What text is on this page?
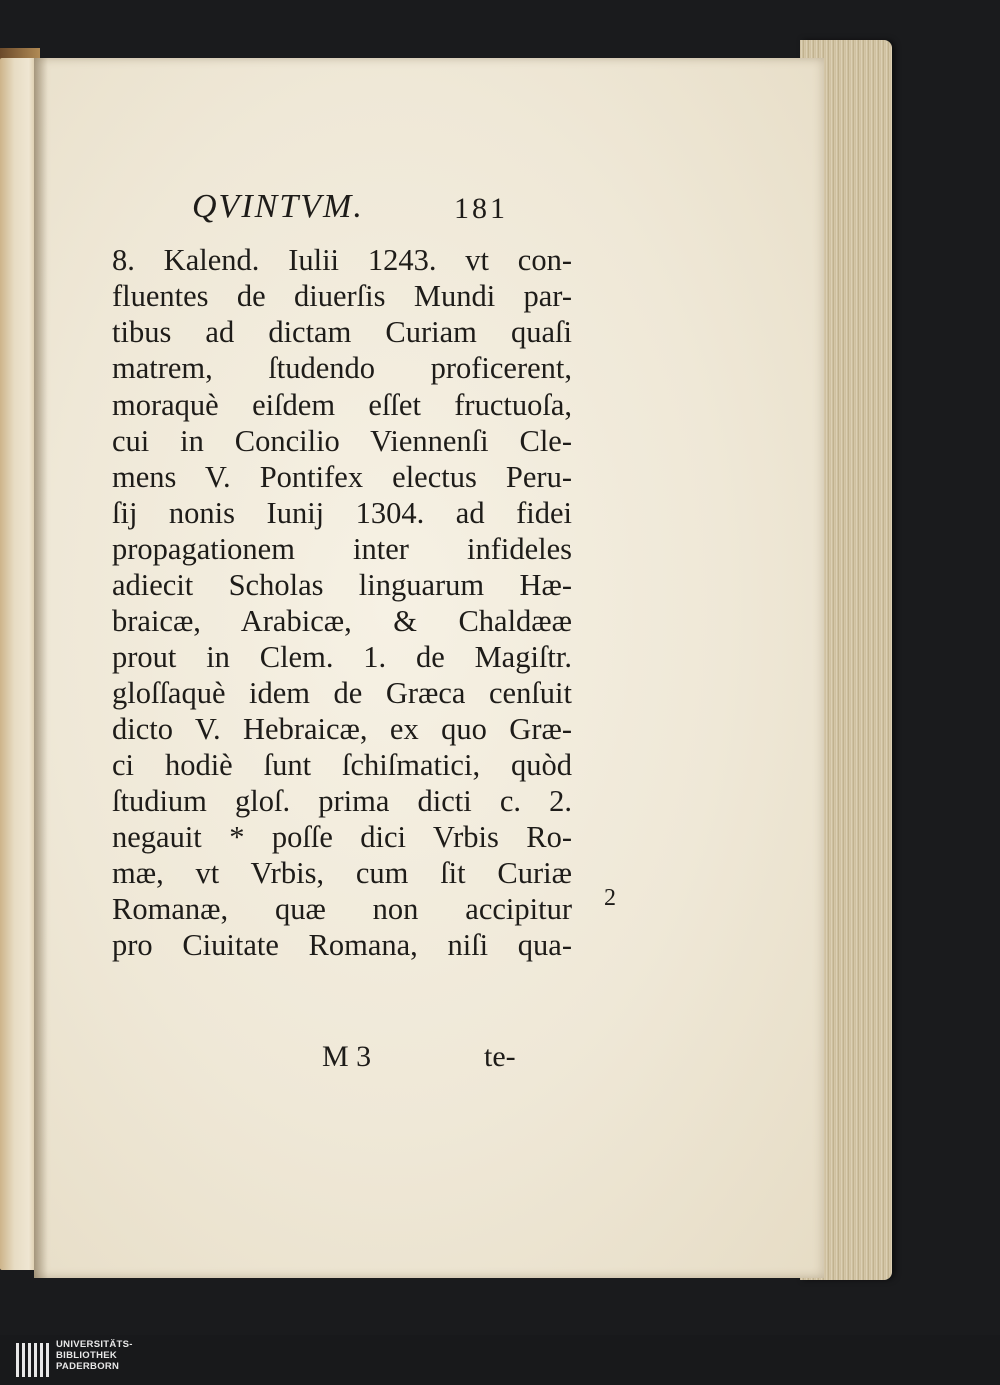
QVINTVM.	181
8. Kalend. Iulii 1243. vt con-
fluentes de diuerſis Mundi par-
tibus ad dictam Curiam quaſi
matrem, ſtudendo proficerent,
moraquè eiſdem eſſet fructuoſa,
cui in Concilio Viennenſi Cle-
mens V. Pontifex electus Peru-
ſij nonis Iunij 1304. ad fidei
propagationem inter infideles
adiecit Scholas linguarum Hæ-
braicæ, Arabicæ, & Chaldææ
prout in Clem. 1. de Magiſtr.
gloſſaquè idem de Græca cenſuit
dicto V. Hebraicæ, ex quo Græ-
ci hodiè ſunt ſchiſmatici, quòd
ſtudium gloſ. prima dicti c. 2.
negauit * poſſe dici Vrbis Ro-
mæ, vt Vrbis, cum ſit Curiæ
Romanæ, quæ non accipitur
pro Ciuitate Romana, niſi qua-
M 3	te-
2
UNIVERSITÄTS-
BIBLIOTHEK
PADERBORN
